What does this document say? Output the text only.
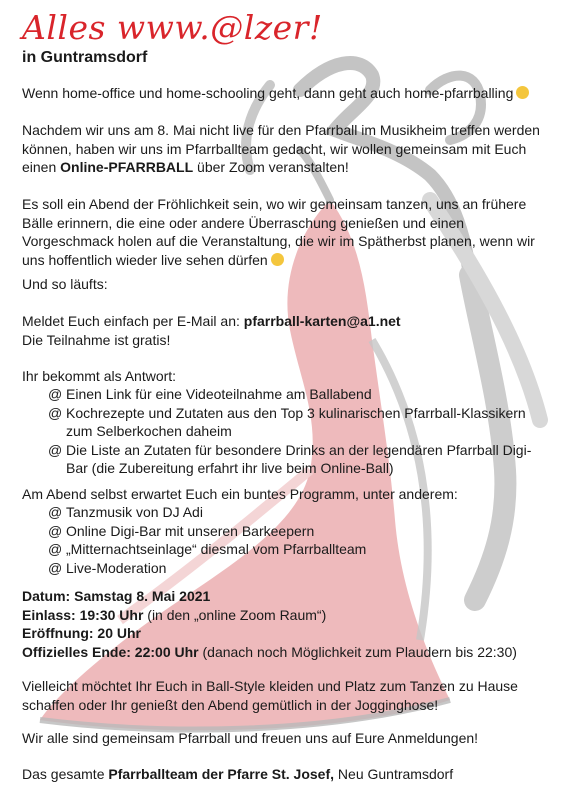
Alles www.@lzer!
in Guntramsdorf

Wenn home-office und home-schooling geht, dann geht auch home-pfarrballing

Nachdem wir uns am 8. Mai nicht live für den Pfarrball im Musikheim treffen werden können, haben wir uns im Pfarrballteam gedacht, wir wollen gemeinsam mit Euch einen Online-PFARRBALL über Zoom veranstalten!

Es soll ein Abend der Fröhlichkeit sein, wo wir gemeinsam tanzen, uns an frühere Bälle erinnern, die eine oder andere Überraschung genießen und einen Vorgeschmack holen auf die Veranstaltung, die wir im Spätherbst planen, wenn wir uns hoffentlich wieder live sehen dürfen

Und so läufts:

Meldet Euch einfach per E-Mail an: pfarrball-karten@a1.net
Die Teilnahme ist gratis!

Ihr bekommt als Antwort:

@ Einen Link für eine Videoteilnahme am Ballabend
@ Kochrezepte und Zutaten aus den Top 3 kulinarischen Pfarrball-Klassikern zum Selberkochen daheim
@ Die Liste an Zutaten für besondere Drinks an der legendären Pfarrball Digi-Bar (die Zubereitung erfahrt ihr live beim Online-Ball)

Am Abend selbst erwartet Euch ein buntes Programm, unter anderem:

@ Tanzmusik von DJ Adi
@ Online Digi-Bar mit unseren Barkeepern
@ „Mitternachtseinlage“ diesmal vom Pfarrballteam
@ Live-Moderation

Datum: Samstag 8. Mai 2021
Einlass: 19:30 Uhr (in den „online Zoom Raum“)
Eröffnung: 20 Uhr
Offizielles Ende: 22:00 Uhr (danach noch Möglichkeit zum Plaudern bis 22:30)

Vielleicht möchtet Ihr Euch in Ball-Style kleiden und Platz zum Tanzen zu Hause schaffen oder Ihr genießt den Abend gemütlich in der Jogginghose!

Wir alle sind gemeinsam Pfarrball und freuen uns auf Eure Anmeldungen!

Das gesamte Pfarrballteam der Pfarre St. Josef, Neu Guntramsdorf
